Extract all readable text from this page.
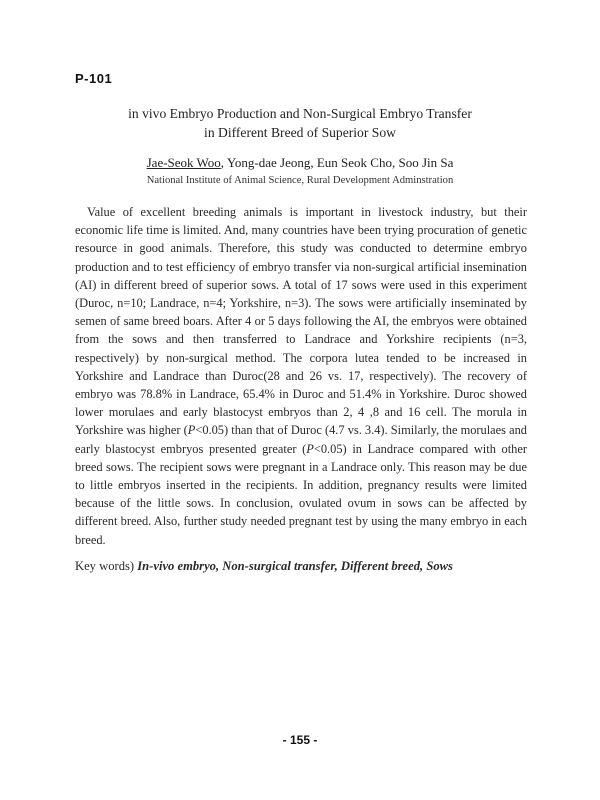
P-101
in vivo Embryo Production and Non-Surgical Embryo Transfer
in Different Breed of Superior Sow
Jae-Seok Woo, Yong-dae Jeong, Eun Seok Cho, Soo Jin Sa
National Institute of Animal Science, Rural Development Adminstration

Value of excellent breeding animals is important in livestock industry, but their economic life time is limited. And, many countries have been trying procuration of genetic resource in good animals. Therefore, this study was conducted to determine embryo production and to test efficiency of embryo transfer via non-surgical artificial insemination (AI) in different breed of superior sows. A total of 17 sows were used in this experiment (Duroc, n=10; Landrace, n=4; Yorkshire, n=3). The sows were artificially inseminated by semen of same breed boars. After 4 or 5 days following the AI, the embryos were obtained from the sows and then transferred to Landrace and Yorkshire recipients (n=3, respectively) by non-surgical method. The corpora lutea tended to be increased in Yorkshire and Landrace than Duroc(28 and 26 vs. 17, respectively). The recovery of embryo was 78.8% in Landrace, 65.4% in Duroc and 51.4% in Yorkshire. Duroc showed lower morulaes and early blastocyst embryos than 2, 4 ,8 and 16 cell. The morula in Yorkshire was higher (P<0.05) than that of Duroc (4.7 vs. 3.4). Similarly, the morulaes and early blastocyst embryos presented greater (P<0.05) in Landrace compared with other breed sows. The recipient sows were pregnant in a Landrace only. This reason may be due to little embryos inserted in the recipients. In addition, pregnancy results were limited because of the little sows. In conclusion, ovulated ovum in sows can be affected by different breed. Also, further study needed pregnant test by using the many embryo in each breed.

Key words) In-vivo embryo, Non-surgical transfer, Different breed, Sows
- 155 -
